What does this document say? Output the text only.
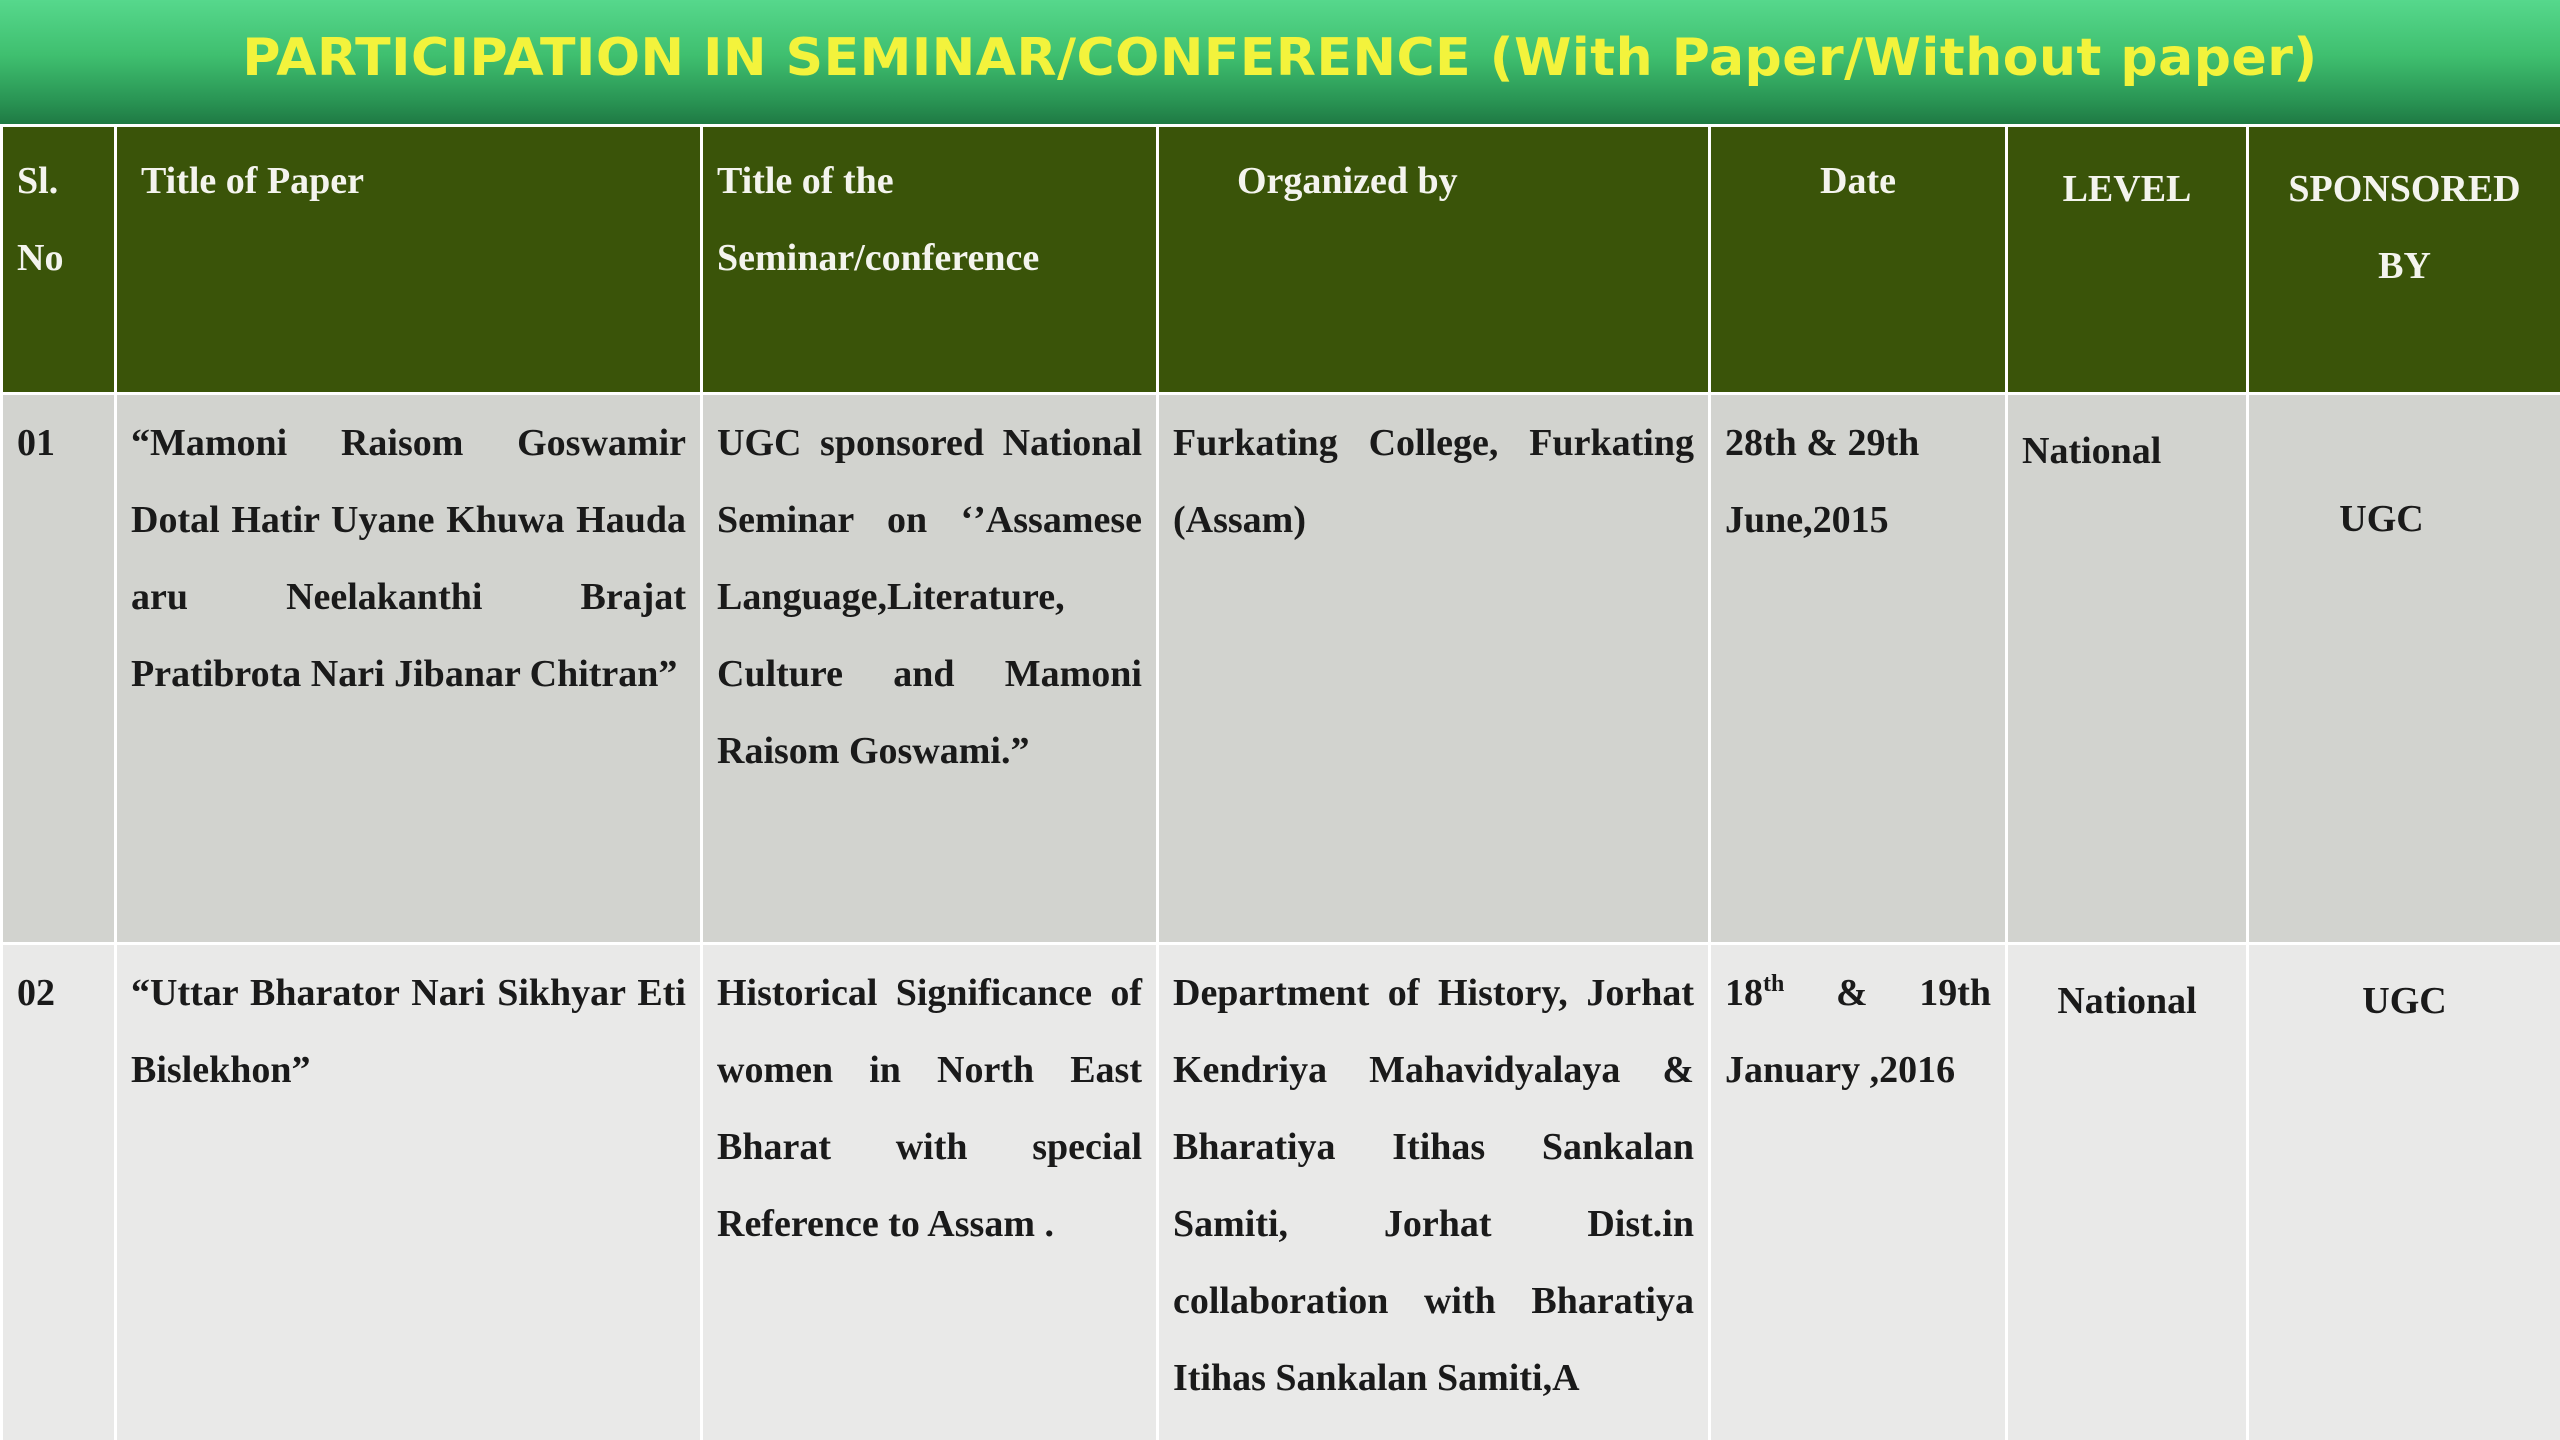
PARTICIPATION IN SEMINAR/CONFERENCE (With Paper/Without paper)
Sl. No	Title of Paper	Title of the Seminar/conference	Organized by	Date	LEVEL	SPONSORED BY
01	“Mamoni Raisom Goswamir Dotal Hatir Uyane Khuwa Hauda aru Neelakanthi Brajat Pratibrota Nari Jibanar Chitran”	UGC sponsored National Seminar on ‘’Assamese Language,Literature, Culture and Mamoni Raisom Goswami.”	Furkating College, Furkating (Assam)	28th & 29th June,2015	National	UGC
02	“Uttar Bharator Nari Sikhyar Eti Bislekhon”	Historical Significance of women in North East Bharat with special Reference to Assam .	Department of History, Jorhat Kendriya Mahavidyalaya & Bharatiya Itihas Sankalan Samiti, Jorhat Dist.in collaboration with Bharatiya Itihas Sankalan Samiti,A	18th & 19th January ,2016	National	UGC
